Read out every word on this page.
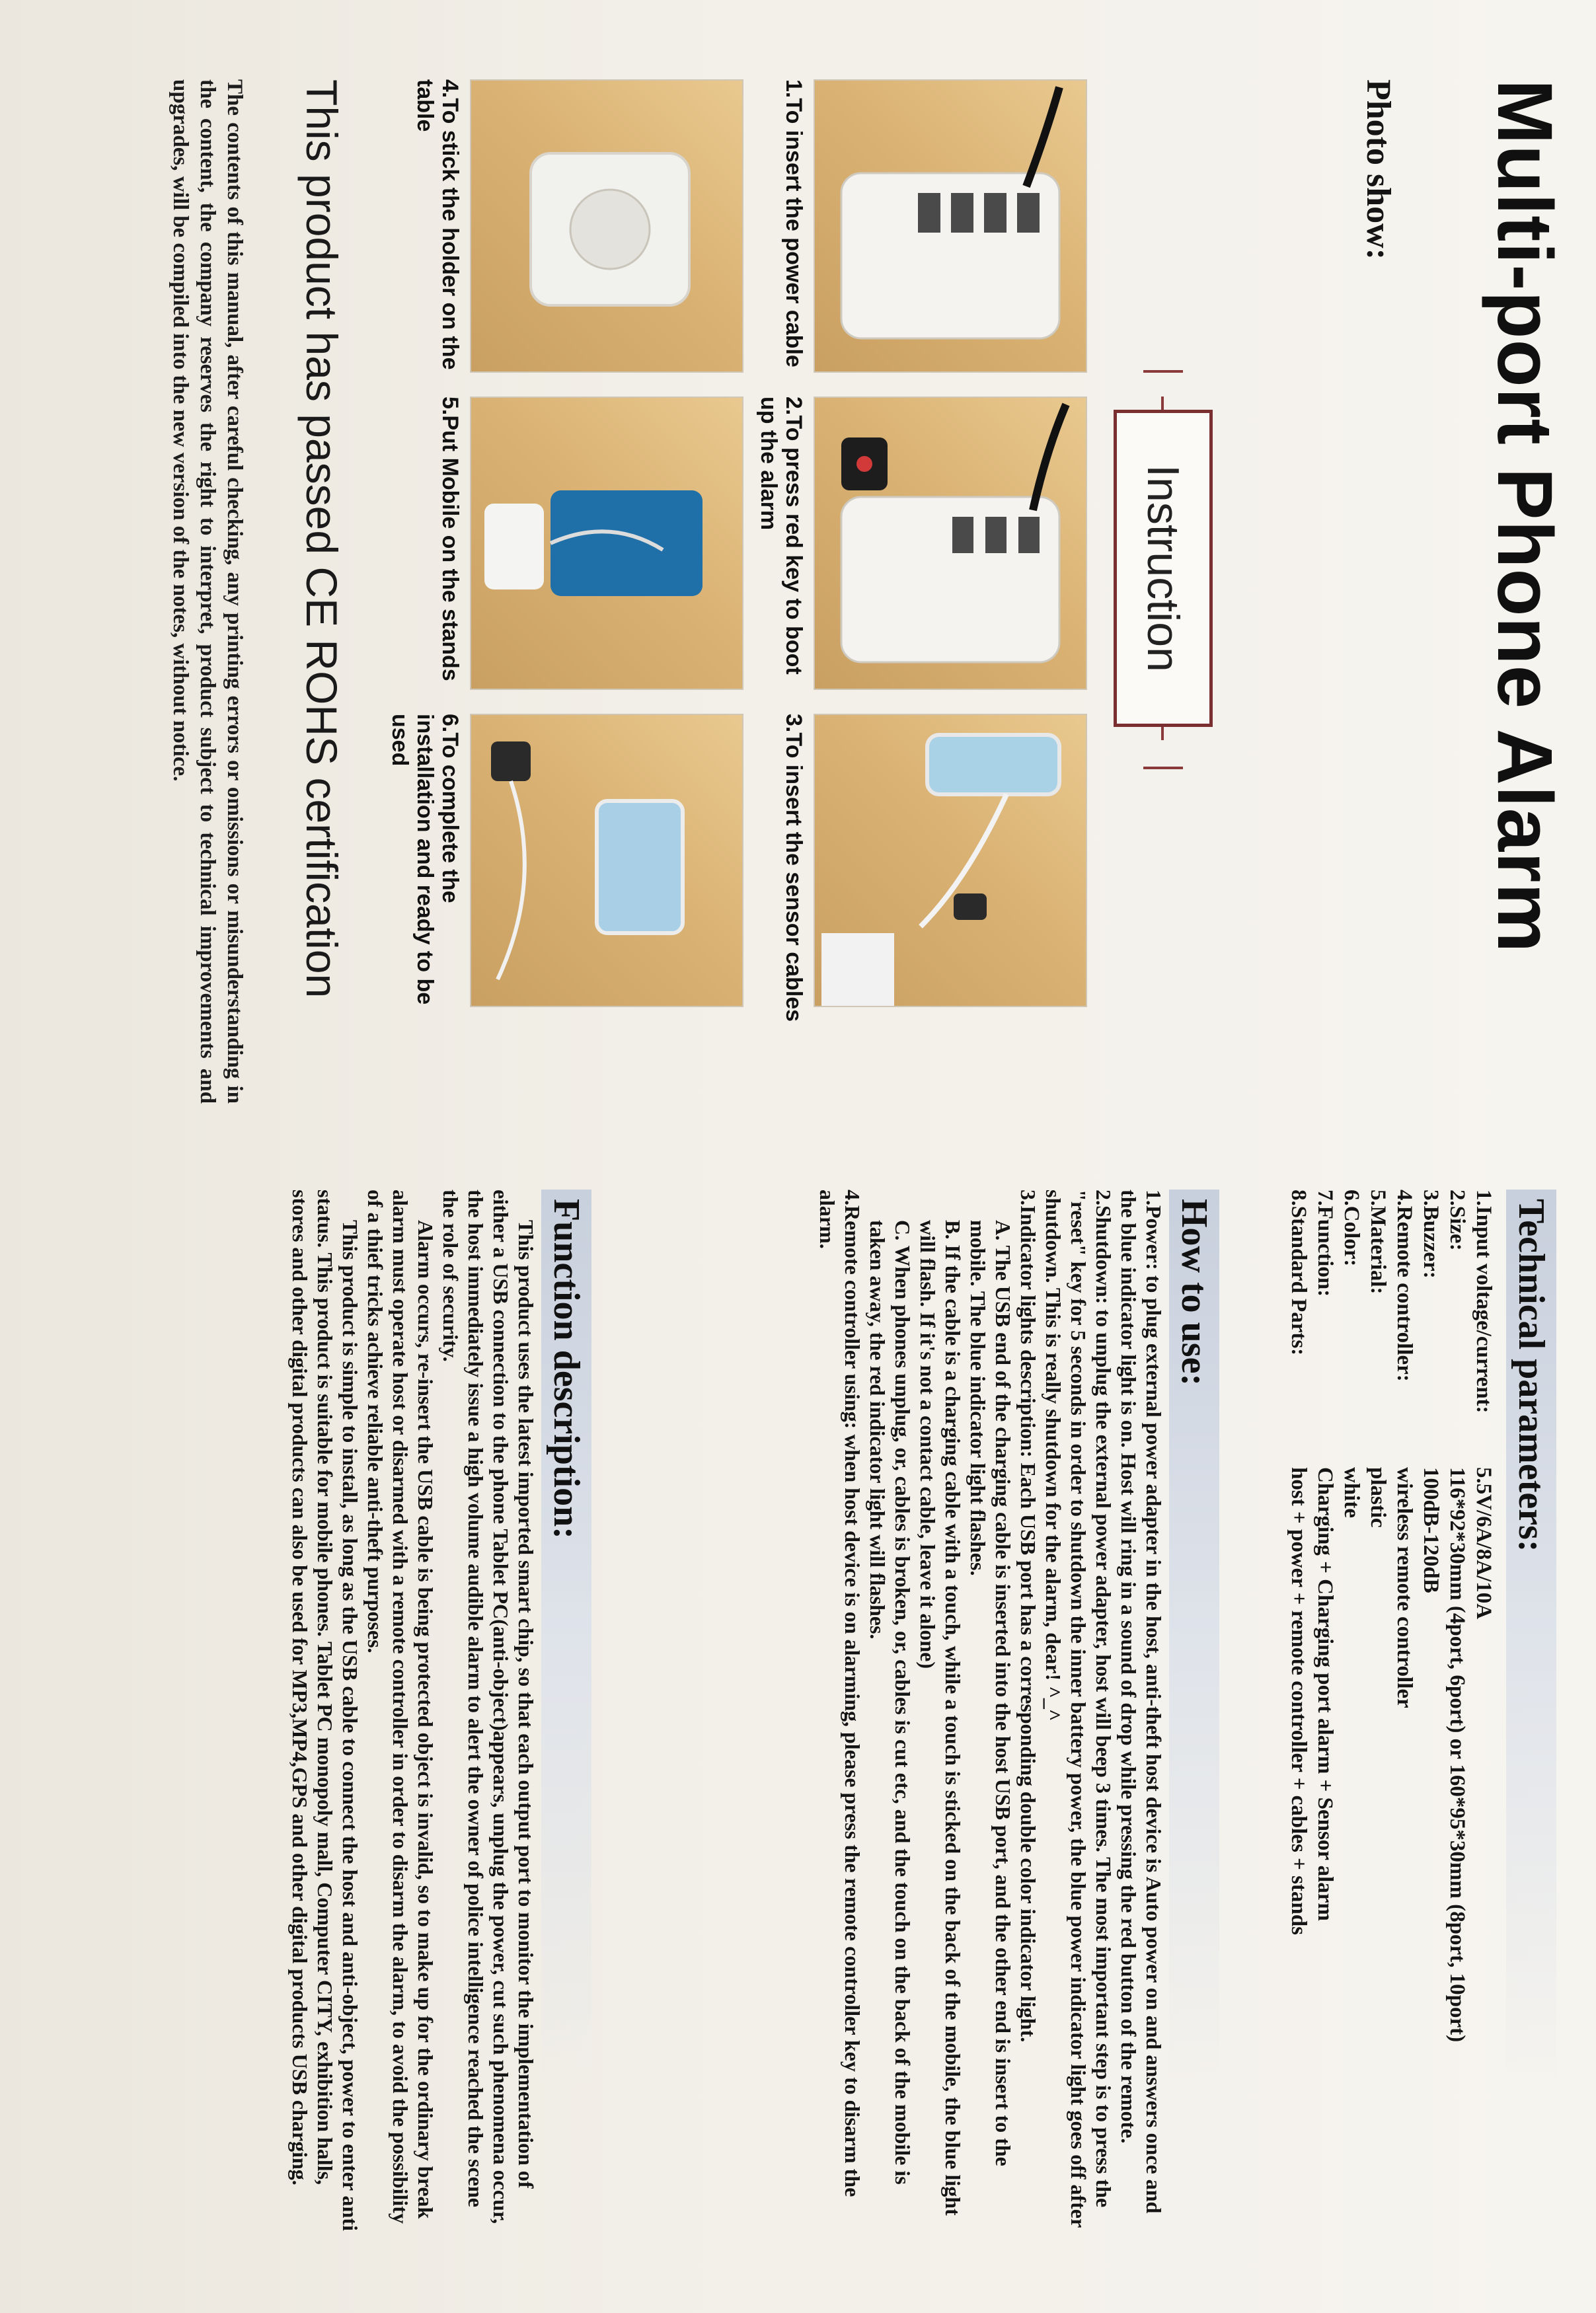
Multi-port Phone Alarm
Photo show:
Instruction
1.To insert the power cable
2.To press red key to boot up the alarm
3.To insert the sensor cables
4.To stick the holder on the table
5.Put Mobile on the stands
6.To complete the installation and ready to be used
This product has passed CE ROHS certification
The contents of this manual, after careful checking, any printing errors or omissions or misunderstanding in the content, the company reserves the right to interpret, product subject to technical improvements and upgrades, will be compiled into the new version of the notes, without notice.
Technical parameters:
1.Input voltage/current:
5.5V/6A/8A/10A
2.Size:
116*92*30mm (4port, 6port) or 160*95*30mm (8port, 10port)
3.Buzzer:
100dB-120dB
4.Remote controller:
wireless remote controller
5.Material:
plastic
6.Color:
white
7.Function:
Charging + Charging port alarm + Sensor alarm
8.Standard Parts:
host + power + remote controller + cables + stands
How to use:
1.Power: to plug external power adapter in the host, anti-theft host device is Auto power on and answers once and the blue indicator light is on. Host will ring in a sound of drop while pressing the red button of the remote.
2.Shutdown: to unplug the external power adapter, host will beep 3 times. The most important step is to press the "reset" key for 5 seconds in order to shutdown the inner battery power, the blue power indicator light goes off after shutdown. This is really shutdown for the alarm, dear! ^_^
3.Indicator lights description: Each USB port has a corresponding double color indicator light.
A. The USB end of the charging cable is inserted into the host USB port, and the other end is insert to the mobile. The blue indicator light flashes.
B. If the cable is a charging cable with a touch, while a touch is sticked on the back of the mobile, the blue light will flash. If it's not a contact cable, leave it alone)
C. When phones unplug, or, cables is broken, or, cables is cut etc, and the touch on the back of the mobile is taken away, the red indicator light will flashes.
4.Remote controller using: when host device is on alarming, please press the remote controller key to disarm the alarm.
Function description:

This product uses the latest imported smart chip, so that each output port to monitor the implementation of either a USB connection to the phone Tablet PC(anti-object)appears, unplug the power, cut such phenomena occur, the host immediately issue a high volume audible alarm to alert the owner of police intelligence reached the scene the role of security.

Alarm occurs, re-insert the USB cable is being protected object is invalid, so to make up for the ordinary break alarm must operate host or disarmed with a remote controller in order to disarm the alarm, to avoid the possibility of a thief tricks achieve reliable anti-theft purposes.

This product is simple to install, as long as the USB cable to connect the host and anti-object, power to enter anti status. This product is suitable for mobile phones. Tablet PC monopoly mall, Computer CITY, exhibition halls, stores and other digital products can also be used for MP3,MP4,GPS and other digital products USB charging.
